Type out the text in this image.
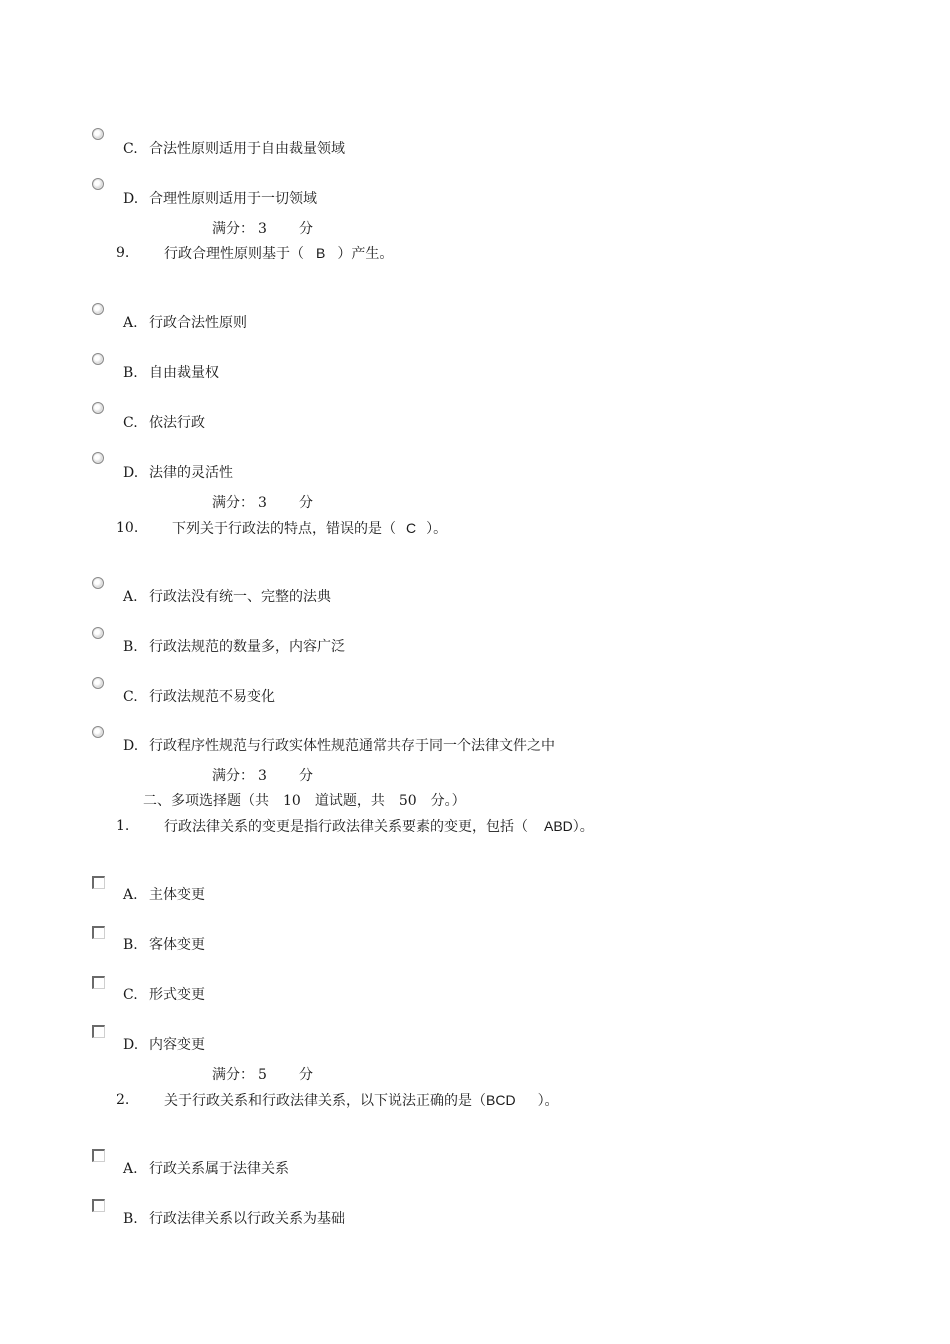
C. 合法性原则适用于自由裁量领域
D. 合理性原则适用于一切领域
满分： 3 分
9. 行政合理性原则基于（ B ）产生。
A. 行政合法性原则
B. 自由裁量权
C. 依法行政
D. 法律的灵活性
满分： 3 分
10. 下列关于行政法的特点，错误的是（ C ）。
A. 行政法没有统一、完整的法典
B. 行政法规范的数量多，内容广泛
C. 行政法规范不易变化
D. 行政程序性规范与行政实体性规范通常共存于同一个法律文件之中
满分： 3 分
二、多项选择题（共 10 道试题，共 50 分。）
1. 行政法律关系的变更是指行政法律关系要素的变更，包括（ ABD）。
A. 主体变更
B. 客体变更
C. 形式变更
D. 内容变更
满分： 5 分
2. 关于行政关系和行政法律关系，以下说法正确的是（BCD ）。
A. 行政关系属于法律关系
B. 行政法律关系以行政关系为基础
